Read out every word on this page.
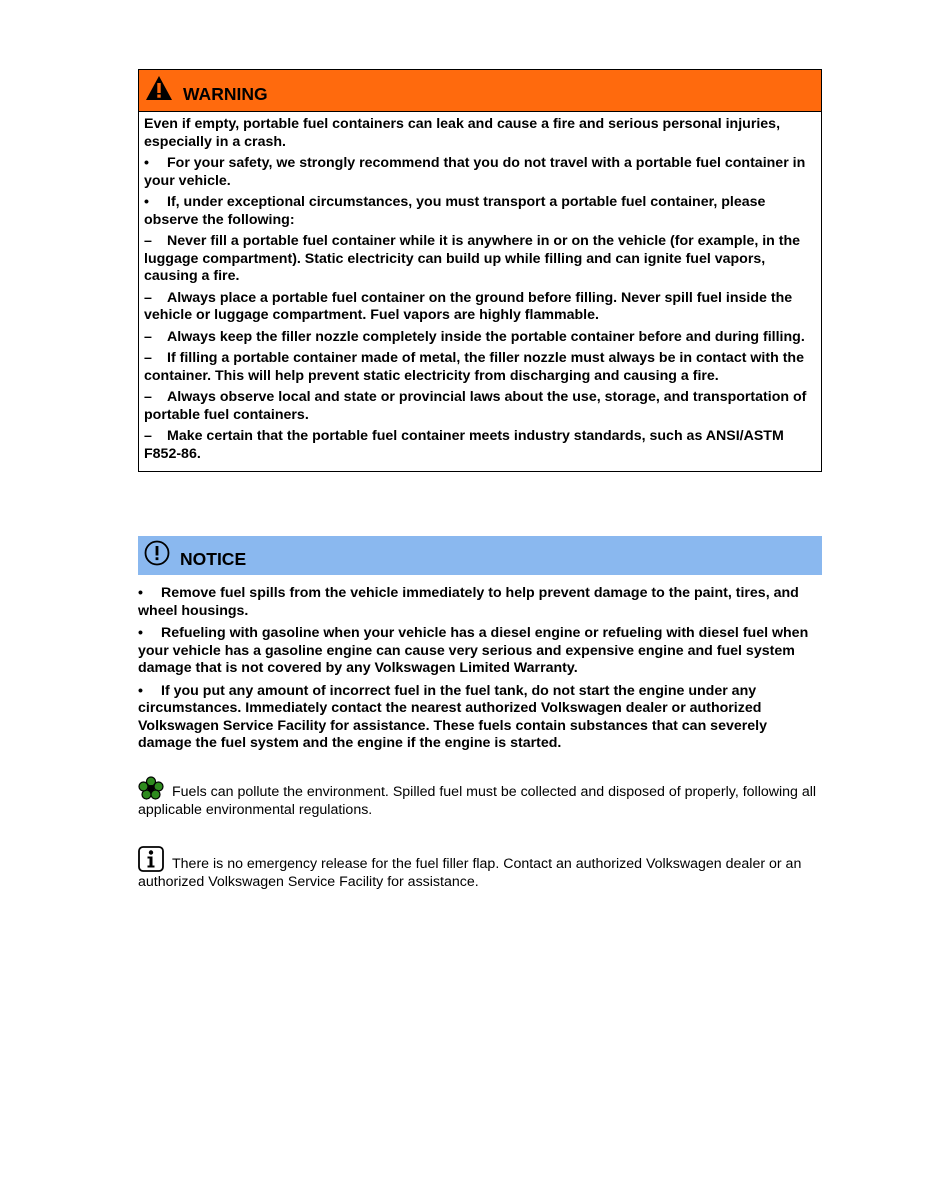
WARNING

Even if empty, portable fuel containers can leak and cause a fire and serious personal injuries, especially in a crash.

• For your safety, we strongly recommend that you do not travel with a portable fuel container in your vehicle.

• If, under exceptional circumstances, you must transport a portable fuel container, please observe the following:

– Never fill a portable fuel container while it is anywhere in or on the vehicle (for example, in the luggage compartment). Static electricity can build up while filling and can ignite fuel vapors, causing a fire.

– Always place a portable fuel container on the ground before filling. Never spill fuel inside the vehicle or luggage compartment. Fuel vapors are highly flammable.

– Always keep the filler nozzle completely inside the portable container before and during filling.

– If filling a portable container made of metal, the filler nozzle must always be in contact with the container. This will help prevent static electricity from discharging and causing a fire.

– Always observe local and state or provincial laws about the use, storage, and transportation of portable fuel containers.

– Make certain that the portable fuel container meets industry standards, such as ANSI/ASTM F852-86.

NOTICE

• Remove fuel spills from the vehicle immediately to help prevent damage to the paint, tires, and wheel housings.

• Refueling with gasoline when your vehicle has a diesel engine or refueling with diesel fuel when your vehicle has a gasoline engine can cause very serious and expensive engine and fuel system damage that is not covered by any Volkswagen Limited Warranty.

• If you put any amount of incorrect fuel in the fuel tank, do not start the engine under any circumstances. Immediately contact the nearest authorized Volkswagen dealer or authorized Volkswagen Service Facility for assistance. These fuels contain substances that can severely damage the fuel system and the engine if the engine is started.

Fuels can pollute the environment. Spilled fuel must be collected and disposed of properly, following all applicable environmental regulations.
There is no emergency release for the fuel filler flap. Contact an authorized Volkswagen dealer or an authorized Volkswagen Service Facility for assistance.
